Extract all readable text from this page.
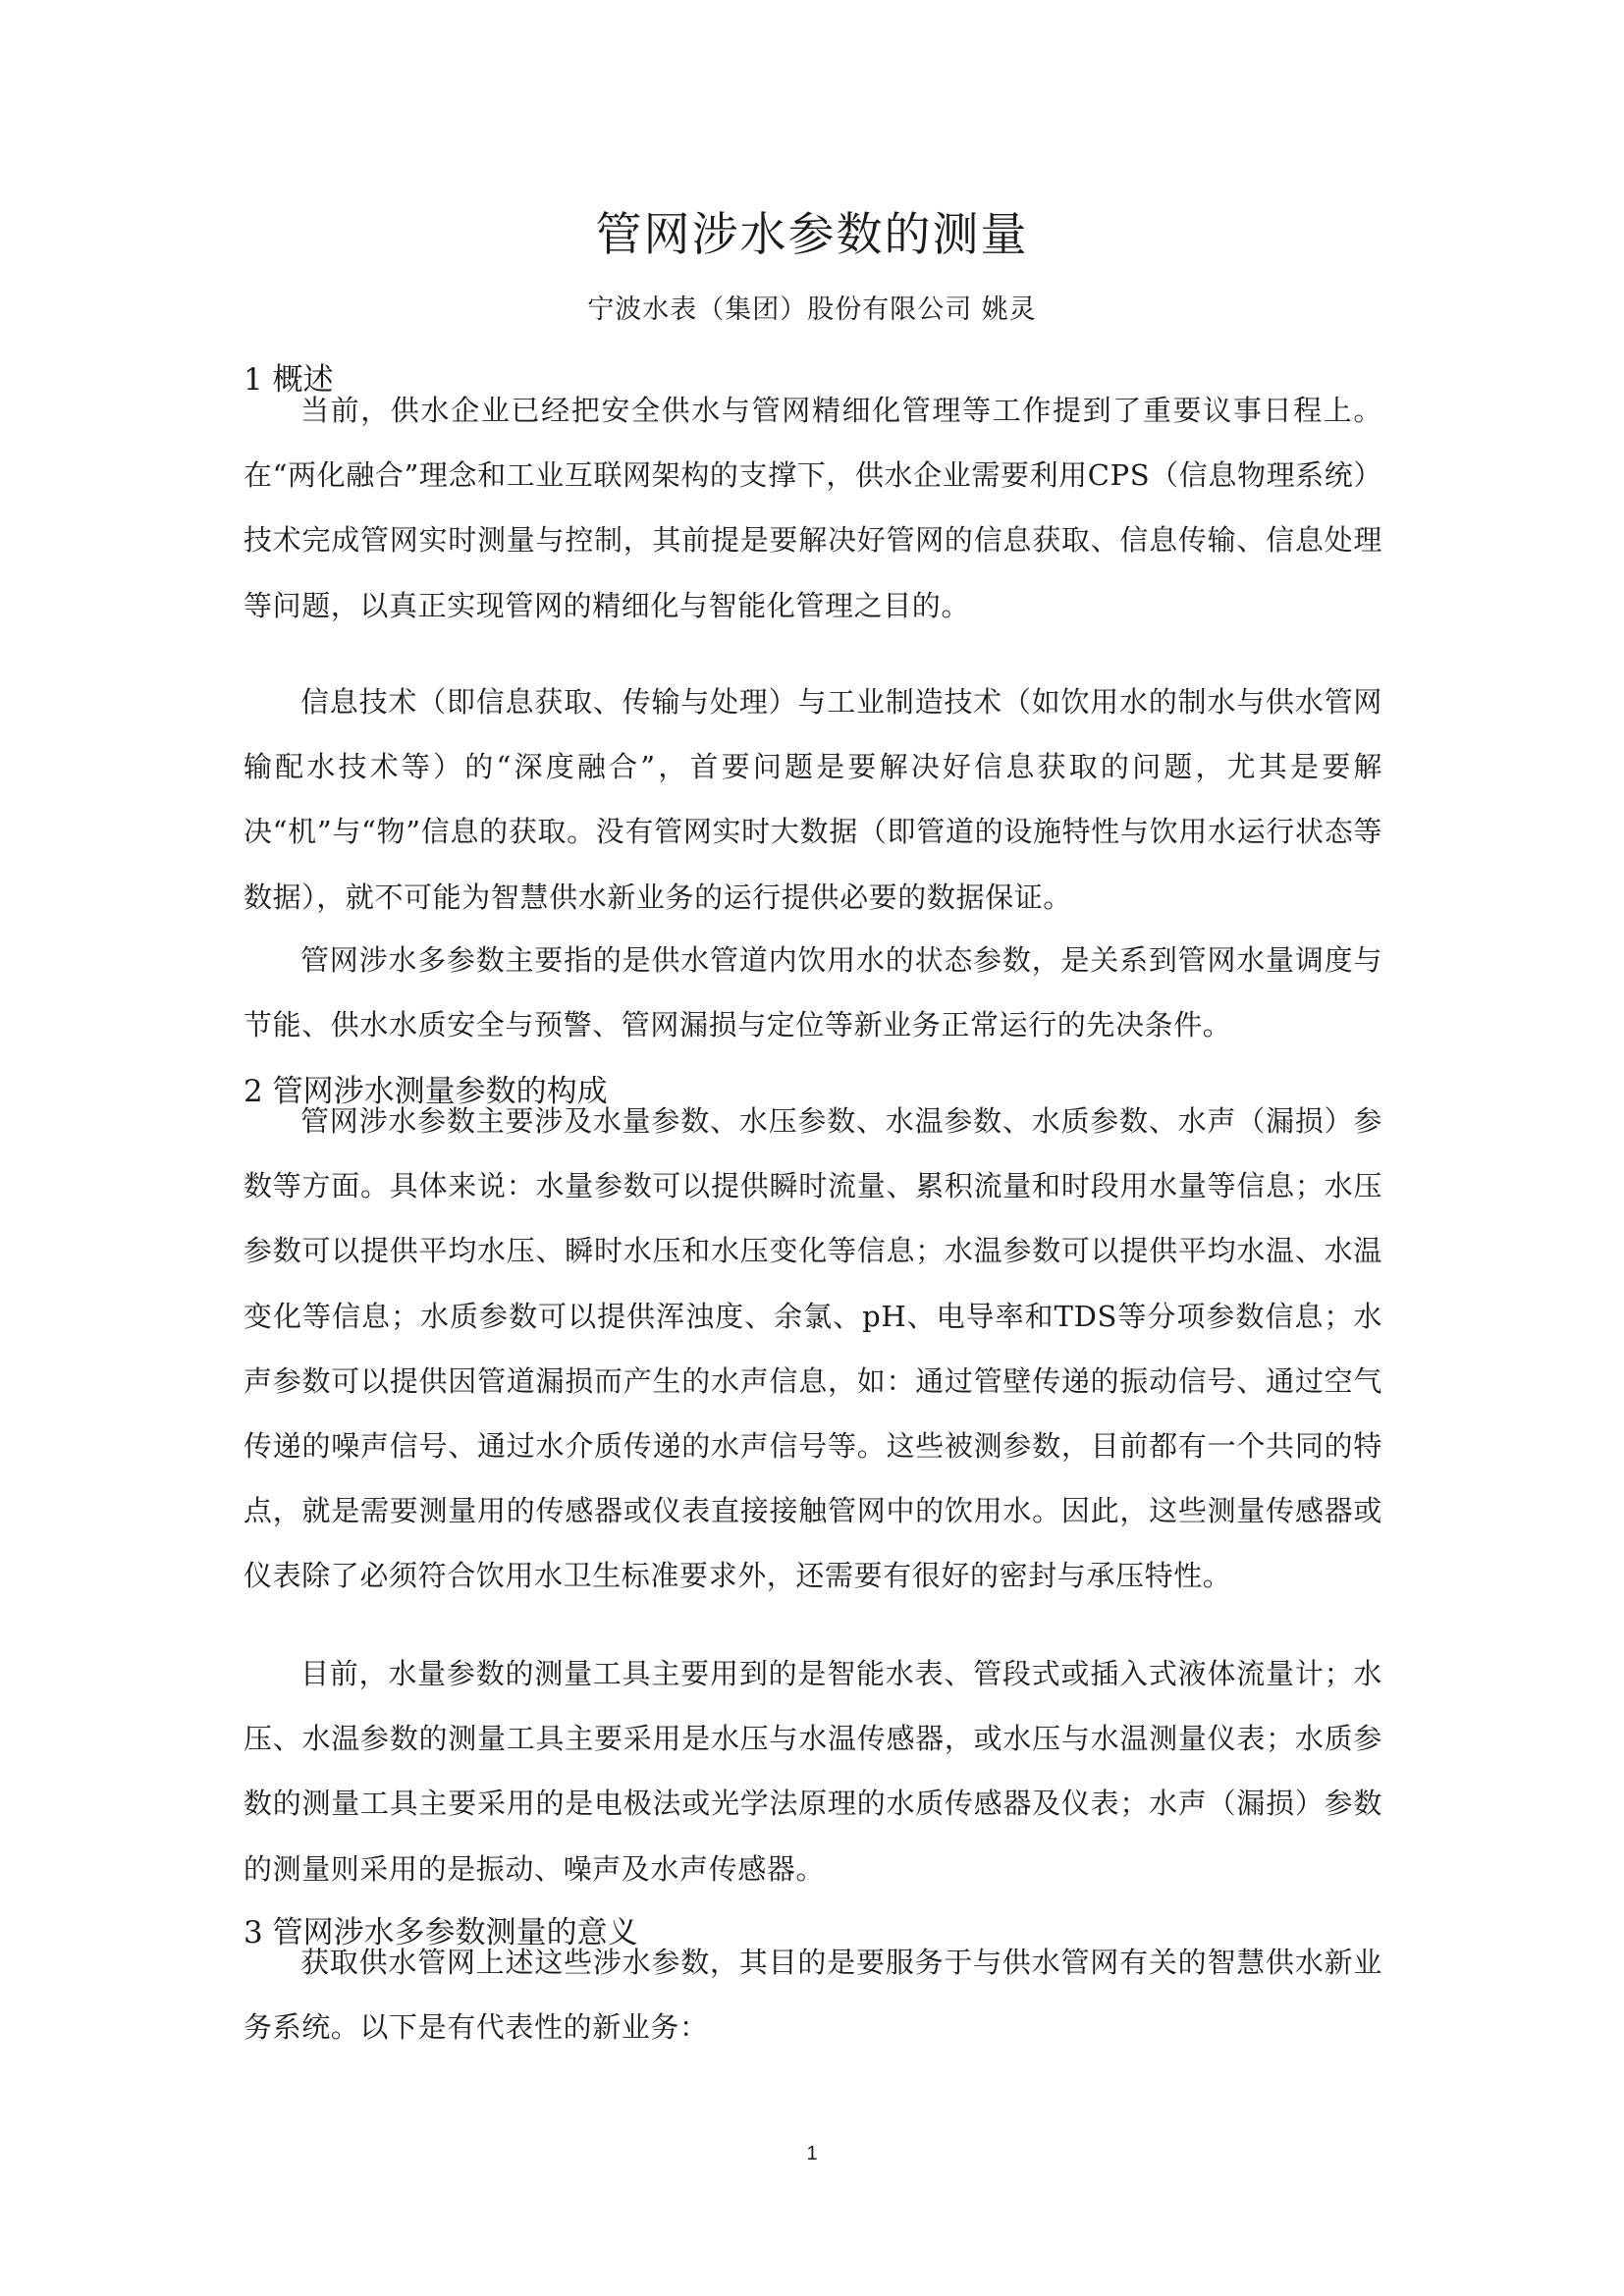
管网涉水参数的测量

宁波水表（集团）股份有限公司 姚灵

1 概述

当前，供水企业已经把安全供水与管网精细化管理等工作提到了重要议事日程上。在“两化融合”理念和工业互联网架构的支撑下，供水企业需要利用CPS（信息物理系统）技术完成管网实时测量与控制，其前提是要解决好管网的信息获取、信息传输、信息处理等问题，以真正实现管网的精细化与智能化管理之目的。

信息技术（即信息获取、传输与处理）与工业制造技术（如饮用水的制水与供水管网输配水技术等）的“深度融合”，首要问题是要解决好信息获取的问题，尤其是要解决“机”与“物”信息的获取。没有管网实时大数据（即管道的设施特性与饮用水运行状态等数据），就不可能为智慧供水新业务的运行提供必要的数据保证。

管网涉水多参数主要指的是供水管道内饮用水的状态参数，是关系到管网水量调度与节能、供水水质安全与预警、管网漏损与定位等新业务正常运行的先决条件。

2 管网涉水测量参数的构成

管网涉水参数主要涉及水量参数、水压参数、水温参数、水质参数、水声（漏损）参数等方面。具体来说：水量参数可以提供瞬时流量、累积流量和时段用水量等信息；水压参数可以提供平均水压、瞬时水压和水压变化等信息；水温参数可以提供平均水温、水温变化等信息；水质参数可以提供浑浊度、余氯、pH、电导率和TDS等分项参数信息；水声参数可以提供因管道漏损而产生的水声信息，如：通过管壁传递的振动信号、通过空气传递的噪声信号、通过水介质传递的水声信号等。这些被测参数，目前都有一个共同的特点，就是需要测量用的传感器或仪表直接接触管网中的饮用水。因此，这些测量传感器或仪表除了必须符合饮用水卫生标准要求外，还需要有很好的密封与承压特性。

目前，水量参数的测量工具主要用到的是智能水表、管段式或插入式液体流量计；水压、水温参数的测量工具主要采用是水压与水温传感器，或水压与水温测量仪表；水质参数的测量工具主要采用的是电极法或光学法原理的水质传感器及仪表；水声（漏损）参数的测量则采用的是振动、噪声及水声传感器。

3 管网涉水多参数测量的意义

获取供水管网上述这些涉水参数，其目的是要服务于与供水管网有关的智慧供水新业务系统。以下是有代表性的新业务：

1
